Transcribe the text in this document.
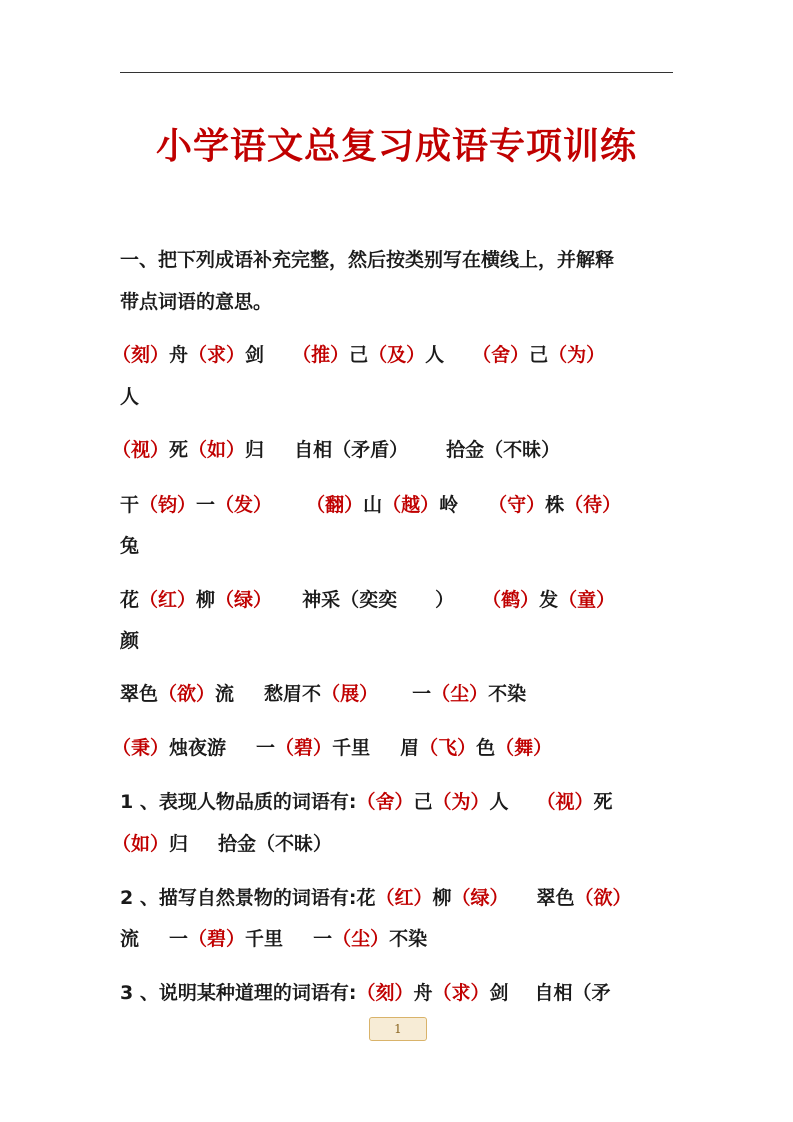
小学语文总复习成语专项训练
一、把下列成语补充完整，然后按类别写在横线上，并解释
带点词语的意思。
（刻）舟（求）剑 （推）己（及）人 （舍）己（为）
人
（视）死（如）归 自相（矛盾） 拾金（不昧）
干（钧）一（发） （翻）山（越）岭 （守）株（待）
兔
花（红）柳（绿） 神采（奕奕　　） （鹤）发（童）
颜
翠色（欲）流 愁眉不（展） 一（尘）不染
（秉）烛夜游 一（碧）千里 眉（飞）色（舞）
1 、表现人物品质的词语有:（舍）己（为）人 （视）死
（如）归 拾金（不昧）
2 、描写自然景物的词语有:花（红）柳（绿） 翠色（欲）
流 一（碧）千里 一（尘）不染
3 、说明某种道理的词语有:（刻）舟（求）剑 自相（矛
1
